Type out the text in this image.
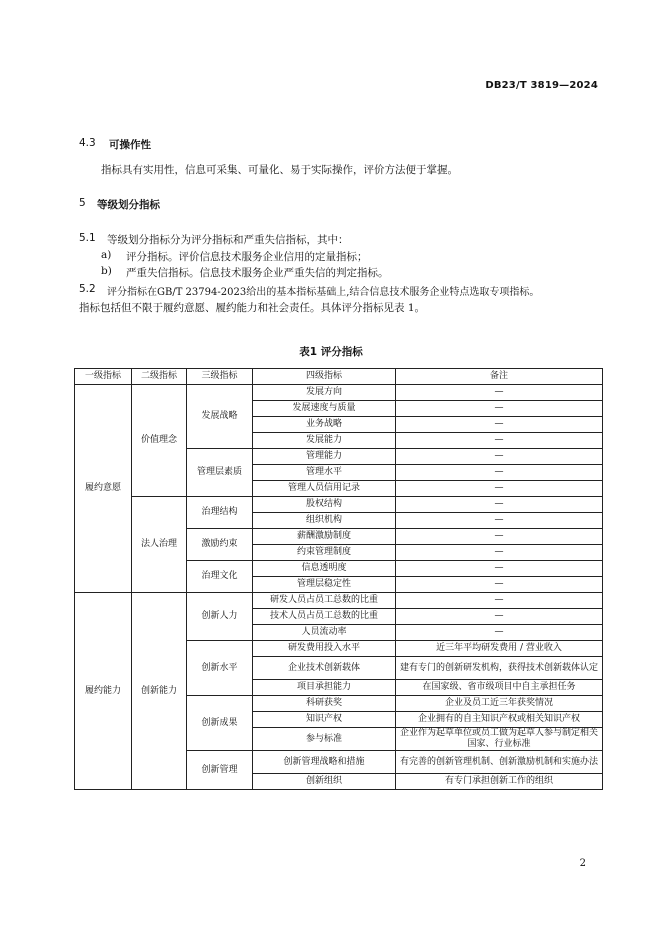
DB23/T 3819—2024
4.3 可操作性
指标具有实用性，信息可采集、可量化、易于实际操作，评价方法便于掌握。
5 等级划分指标
5.1 等级划分指标分为评分指标和严重失信指标，其中：
a) 评分指标。评价信息技术服务企业信用的定量指标；
b) 严重失信指标。信息技术服务企业严重失信的判定指标。
5.2 评分指标在GB/T 23794-2023给出的基本指标基础上,结合信息技术服务企业特点选取专项指标。
指标包括但不限于履约意愿、履约能力和社会责任。具体评分指标见表 1。
表1 评分指标
一级指标	二级指标	三级指标	四级指标	备注
履约意愿	价值理念	发展战略	发展方向	—
			发展速度与质量	—
			业务战略	—
			发展能力	—
		管理层素质	管理能力	—
			管理水平	—
			管理人员信用记录	—
	法人治理	治理结构	股权结构	—
			组织机构	—
		激励约束	薪酬激励制度	—
			约束管理制度	—
		治理文化	信息透明度	—
			管理层稳定性	—
履约能力	创新能力	创新人力	研发人员占员工总数的比重	—
			技术人员占员工总数的比重	—
			人员流动率	—
		创新水平	研发费用投入水平	近三年平均研发费用 / 营业收入
			企业技术创新载体	建有专门的创新研发机构，获得技术创新载体认定
			项目承担能力	在国家级、省市级项目中自主承担任务
		创新成果	科研获奖	企业及员工近三年获奖情况
			知识产权	企业拥有的自主知识产权或相关知识产权
			参与标准	企业作为起草单位或员工做为起草人参与制定相关国家、行业标准
		创新管理	创新管理战略和措施	有完善的创新管理机制、创新激励机制和实施办法
			创新组织	有专门承担创新工作的组织
2
